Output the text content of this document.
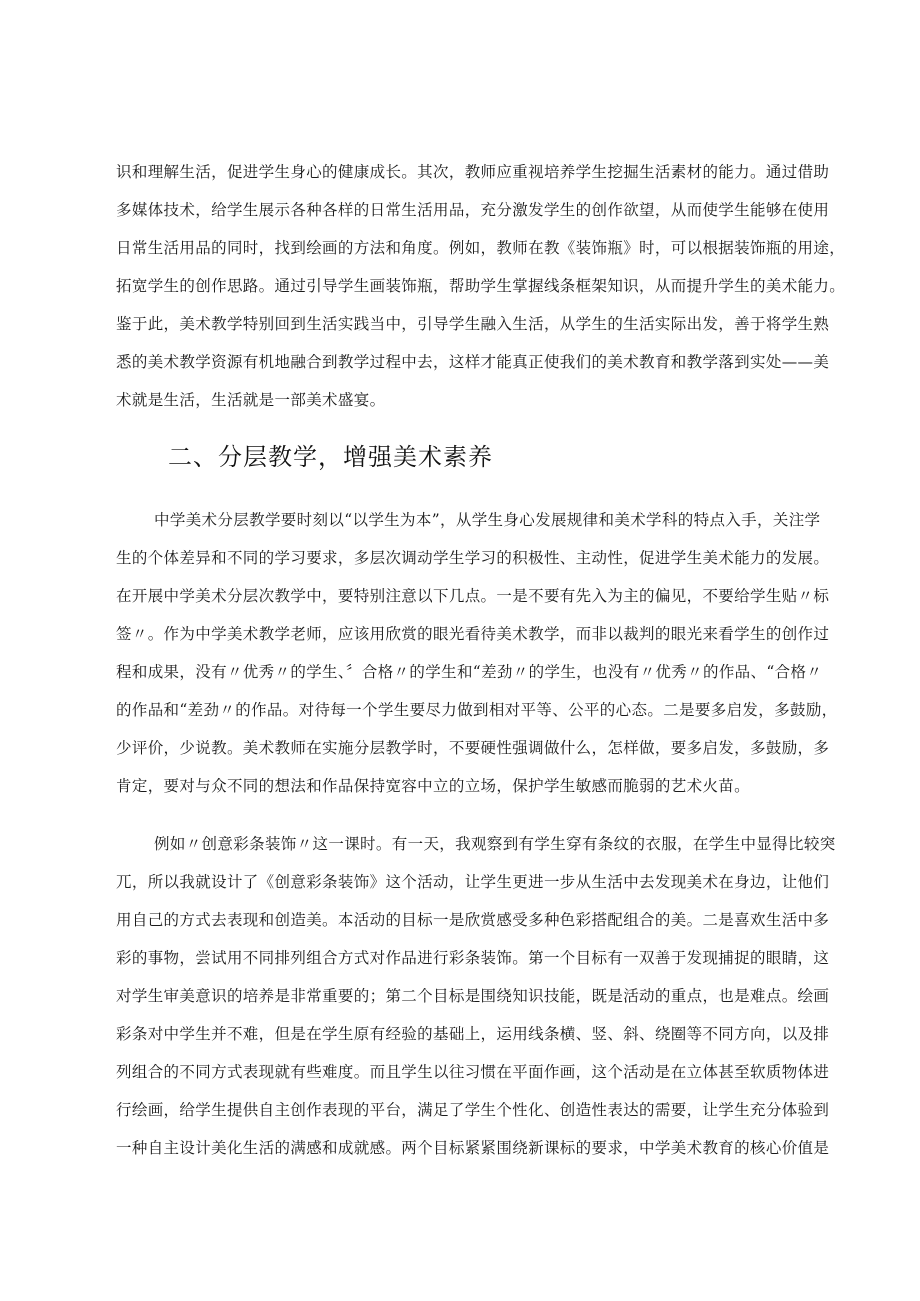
识和理解生活，促进学生身心的健康成长。其次，教师应重视培养学生挖掘生活素材的能力。通过借助
多媒体技术，给学生展示各种各样的日常生活用品，充分激发学生的创作欲望，从而使学生能够在使用
日常生活用品的同时，找到绘画的方法和角度。例如，教师在教《装饰瓶》时，可以根据装饰瓶的用途，
拓宽学生的创作思路。通过引导学生画装饰瓶，帮助学生掌握线条框架知识，从而提升学生的美术能力。
鉴于此，美术教学特别回到生活实践当中，引导学生融入生活，从学生的生活实际出发，善于将学生熟
悉的美术教学资源有机地融合到教学过程中去，这样才能真正使我们的美术教育和教学落到实处——美
术就是生活，生活就是一部美术盛宴。
二、分层教学，增强美术素养
中学美术分层教学要时刻以“以学生为本”，从学生身心发展规律和美术学科的特点入手，关注学
生的个体差异和不同的学习要求，多层次调动学生学习的积极性、主动性，促进学生美术能力的发展。
在开展中学美术分层次教学中，要特别注意以下几点。一是不要有先入为主的偏见，不要给学生贴〃标
签〃。作为中学美术教学老师，应该用欣赏的眼光看待美术教学，而非以裁判的眼光来看学生的创作过
程和成果，没有〃优秀〃的学生、〞合格〃的学生和“差劲〃的学生，也没有〃优秀〃的作品、“合格〃
的作品和“差劲〃的作品。对待每一个学生要尽力做到相对平等、公平的心态。二是要多启发，多鼓励，
少评价，少说教。美术教师在实施分层教学时，不要硬性强调做什么，怎样做，要多启发，多鼓励，多
肯定，要对与众不同的想法和作品保持宽容中立的立场，保护学生敏感而脆弱的艺术火苗。
例如〃创意彩条装饰〃这一课时。有一天，我观察到有学生穿有条纹的衣服，在学生中显得比较突
兀，所以我就设计了《创意彩条装饰》这个活动，让学生更进一步从生活中去发现美术在身边，让他们
用自己的方式去表现和创造美。本活动的目标一是欣赏感受多种色彩搭配组合的美。二是喜欢生活中多
彩的事物，尝试用不同排列组合方式对作品进行彩条装饰。第一个目标有一双善于发现捕捉的眼睛，这
对学生审美意识的培养是非常重要的；第二个目标是围绕知识技能，既是活动的重点，也是难点。绘画
彩条对中学生并不难，但是在学生原有经验的基础上，运用线条横、竖、斜、绕圈等不同方向，以及排
列组合的不同方式表现就有些难度。而且学生以往习惯在平面作画，这个活动是在立体甚至软质物体进
行绘画，给学生提供自主创作表现的平台，满足了学生个性化、创造性表达的需要，让学生充分体验到
一种自主设计美化生活的满感和成就感。两个目标紧紧围绕新课标的要求，中学美术教育的核心价值是
